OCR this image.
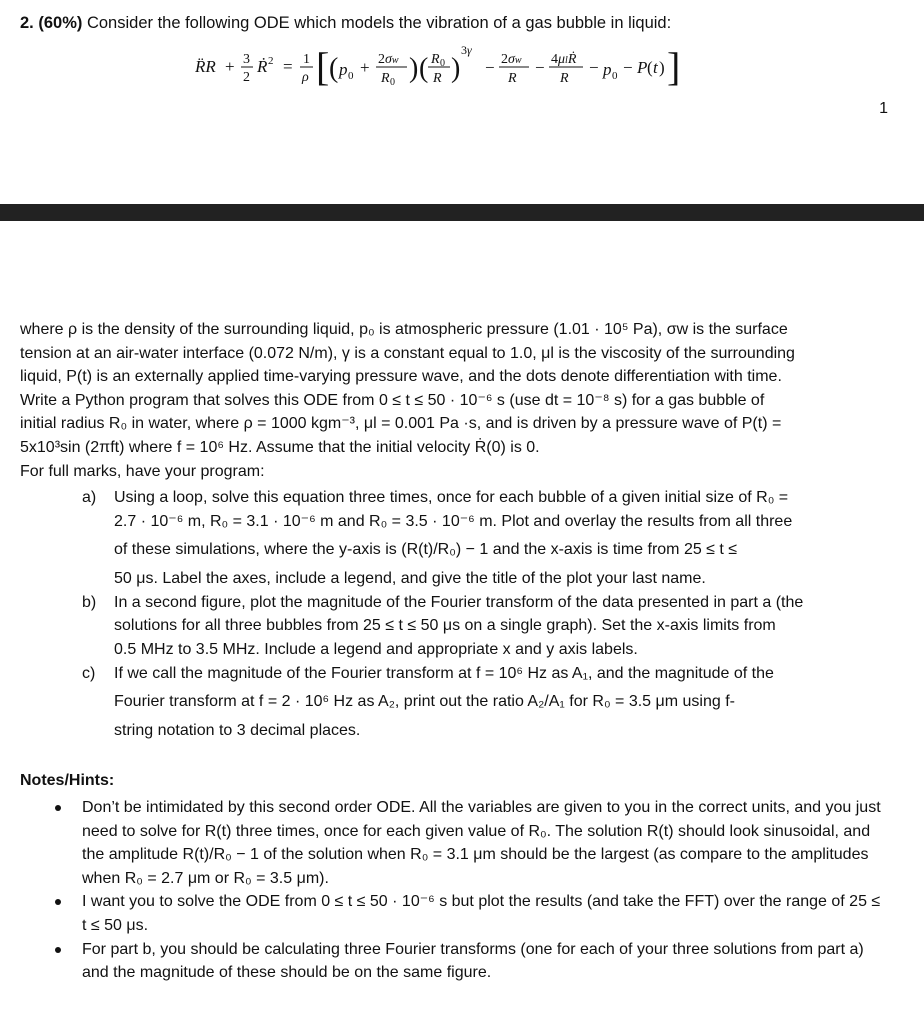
2. (60%) Consider the following ODE which models the vibration of a gas bubble in liquid:
R̈R + 3
2
Ṙ 2 = 1
ρ [ ( p 0 + 2σw
R 0 ) ( R 0
R )
3γ
− 2σw
R
− 4μlṘ
R
− p 0 − P ( t ) ]
1
where ρ is the density of the surrounding liquid, p₀ is atmospheric pressure (1.01 · 10⁵ Pa), σw is the surface
tension at an air-water interface (0.072 N/m), γ is a constant equal to 1.0, μl is the viscosity of the surrounding
liquid, P(t) is an externally applied time-varying pressure wave, and the dots denote differentiation with time.
Write a Python program that solves this ODE from 0 ≤ t ≤ 50 · 10⁻⁶ s (use dt = 10⁻⁸ s) for a gas bubble of
initial radius R₀ in water, where ρ = 1000 kgm⁻³, μl = 0.001 Pa ·s, and is driven by a pressure wave of P(t) =
5x10³sin (2πft) where f = 10⁶ Hz. Assume that the initial velocity Ṙ(0) is 0.
For full marks, have your program:
a) Using a loop, solve this equation three times, once for each bubble of a given initial size of R₀ =
2.7 · 10⁻⁶ m, R₀ = 3.1 · 10⁻⁶ m and R₀ = 3.5 · 10⁻⁶ m. Plot and overlay the results from all three
of these simulations, where the y-axis is (R(t)/R₀) − 1 and the x-axis is time from 25 ≤ t ≤
50 μs. Label the axes, include a legend, and give the title of the plot your last name.
b) In a second figure, plot the magnitude of the Fourier transform of the data presented in part a (the
solutions for all three bubbles from 25 ≤ t ≤ 50 μs on a single graph). Set the x-axis limits from
0.5 MHz to 3.5 MHz. Include a legend and appropriate x and y axis labels.
c) If we call the magnitude of the Fourier transform at f = 10⁶ Hz as A₁, and the magnitude of the
Fourier transform at f = 2 · 10⁶ Hz as A₂, print out the ratio A₂/A₁ for R₀ = 3.5 μm using f-
string notation to 3 decimal places.
Notes/Hints:
Don’t be intimidated by this second order ODE. All the variables are given to you in the correct units, and you just need to solve for R(t) three times, once for each given value of R₀. The solution R(t) should look sinusoidal, and the amplitude R(t)/R₀ − 1 of the solution when R₀ = 3.1 μm should be the largest (as compare to the amplitudes when R₀ = 2.7 μm or R₀ = 3.5 μm).
I want you to solve the ODE from 0 ≤ t ≤ 50 · 10⁻⁶ s but plot the results (and take the FFT) over the range of 25 ≤ t ≤ 50 μs.
For part b, you should be calculating three Fourier transforms (one for each of your three solutions from part a) and the magnitude of these should be on the same figure.
